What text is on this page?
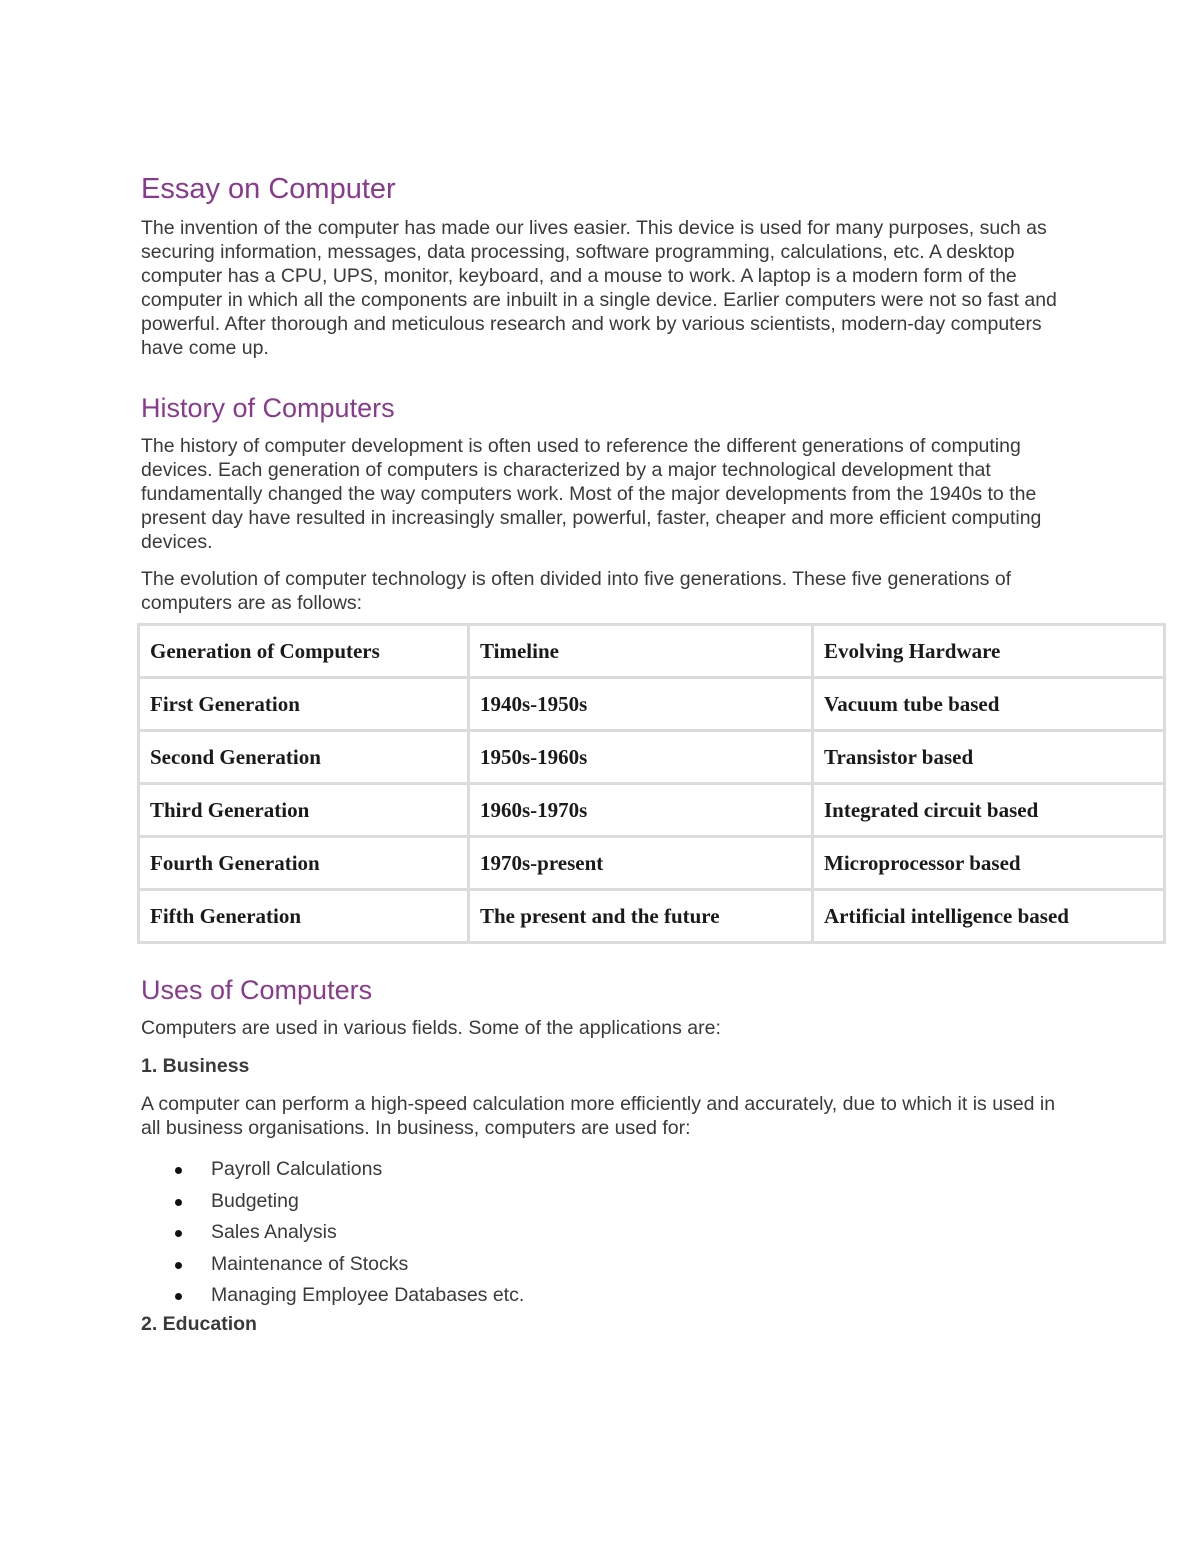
Essay on Computer

The invention of the computer has made our lives easier. This device is used for many purposes, such as securing information, messages, data processing, software programming, calculations, etc. A desktop computer has a CPU, UPS, monitor, keyboard, and a mouse to work. A laptop is a modern form of the computer in which all the components are inbuilt in a single device. Earlier computers were not so fast and powerful. After thorough and meticulous research and work by various scientists, modern-day computers have come up.

History of Computers

The history of computer development is often used to reference the different generations of computing devices. Each generation of computers is characterized by a major technological development that fundamentally changed the way computers work. Most of the major developments from the 1940s to the present day have resulted in increasingly smaller, powerful, faster, cheaper and more efficient computing devices.

The evolution of computer technology is often divided into five generations. These five generations of computers are as follows:

Generation of Computers	Timeline	Evolving Hardware
First Generation	1940s-1950s	Vacuum tube based
Second Generation	1950s-1960s	Transistor based
Third Generation	1960s-1970s	Integrated circuit based
Fourth Generation	1970s-present	Microprocessor based
Fifth Generation	The present and the future	Artificial intelligence based
Uses of Computers

Computers are used in various fields. Some of the applications are:

1. Business

A computer can perform a high-speed calculation more efficiently and accurately, due to which it is used in all business organisations. In business, computers are used for:

Payroll Calculations
Budgeting
Sales Analysis
Maintenance of Stocks
Managing Employee Databases etc.
2. Education
